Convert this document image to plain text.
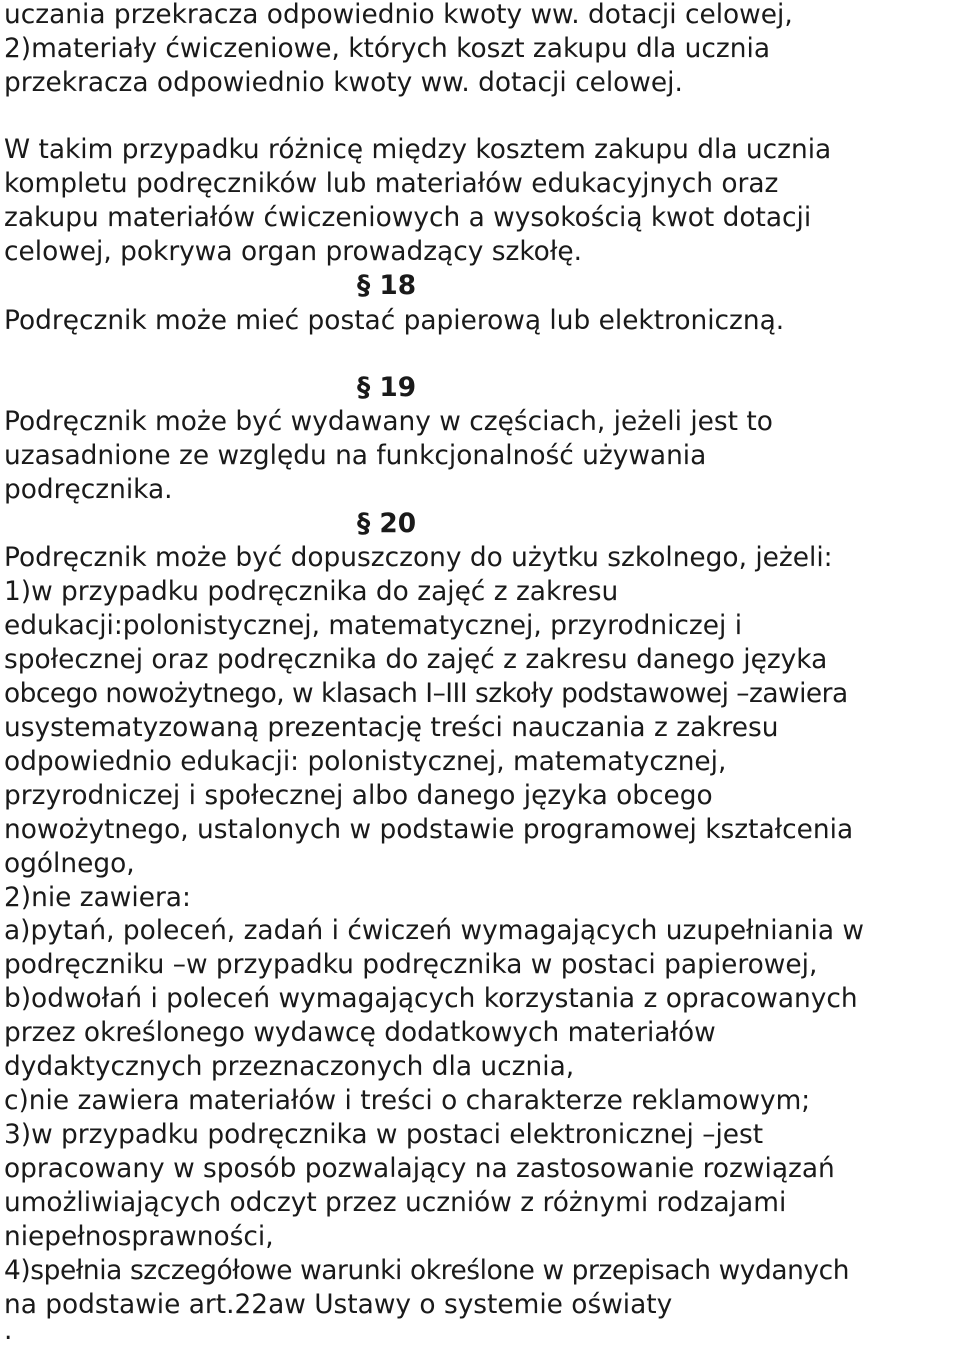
uczania przekracza odpowiednio kwoty ww. dotacji celowej,

2)materiały ćwiczeniowe, których koszt zakupu dla ucznia

przekracza odpowiednio kwoty ww. dotacji celowej.

W takim przypadku różnicę między kosztem zakupu dla ucznia

kompletu podręczników lub materiałów edukacyjnych oraz

zakupu materiałów ćwiczeniowych a wysokością kwot dotacji

celowej, pokrywa organ prowadzący szkołę.

§ 18

Podręcznik może mieć postać papierową lub elektroniczną.

§ 19

Podręcznik może być wydawany w częściach, jeżeli jest to

uzasadnione ze względu na funkcjonalność używania

podręcznika.

§ 20

Podręcznik może być dopuszczony do użytku szkolnego, jeżeli:

1)w przypadku podręcznika do zajęć z zakresu

edukacji:polonistycznej, matematycznej, przyrodniczej i

społecznej oraz podręcznika do zajęć z zakresu danego języka

obcego nowożytnego, w klasach I–III szkoły podstawowej –zawiera

usystematyzowaną prezentację treści nauczania z zakresu

odpowiednio edukacji: polonistycznej, matematycznej,

przyrodniczej i społecznej albo danego języka obcego

nowożytnego, ustalonych w podstawie programowej kształcenia

ogólnego,

2)nie zawiera:

a)pytań, poleceń, zadań i ćwiczeń wymagających uzupełniania w

podręczniku –w przypadku podręcznika w postaci papierowej,

b)odwołań i poleceń wymagających korzystania z opracowanych

przez określonego wydawcę dodatkowych materiałów

dydaktycznych przeznaczonych dla ucznia,

c)nie zawiera materiałów i treści o charakterze reklamowym;

3)w przypadku podręcznika w postaci elektronicznej –jest

opracowany w sposób pozwalający na zastosowanie rozwiązań

umożliwiających odczyt przez uczniów z różnymi rodzajami

niepełnosprawności,

4)spełnia szczegółowe warunki określone w przepisach wydanych

na podstawie art.22aw Ustawy o systemie oświaty

.
